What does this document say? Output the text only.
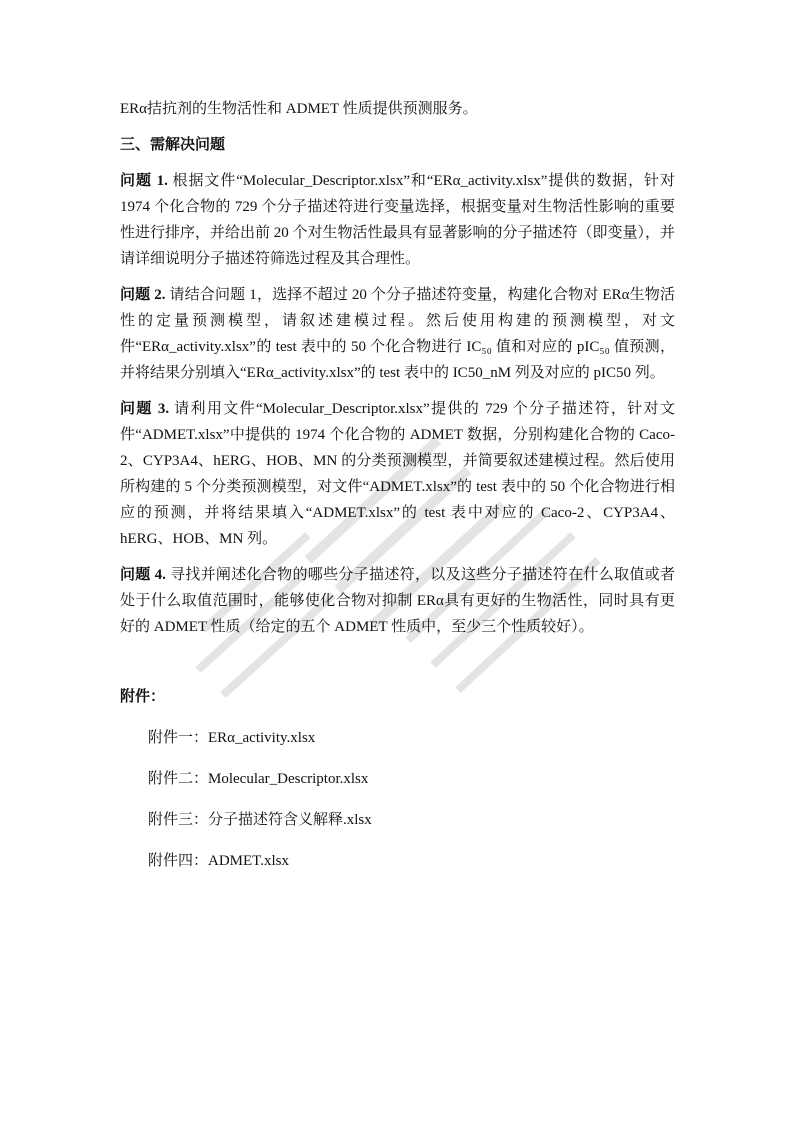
ERα拮抗剂的生物活性和 ADMET 性质提供预测服务。

三、需解决问题

问题 1. 根据文件“Molecular_Descriptor.xlsx”和“ERα_activity.xlsx”提供的数据，针对 1974 个化合物的 729 个分子描述符进行变量选择，根据变量对生物活性影响的重要性进行排序，并给出前 20 个对生物活性最具有显著影响的分子描述符（即变量），并请详细说明分子描述符筛选过程及其合理性。

问题 2. 请结合问题 1，选择不超过 20 个分子描述符变量，构建化合物对 ERα生物活性的定量预测模型，请叙述建模过程。然后使用构建的预测模型，对文件“ERα_activity.xlsx”的 test 表中的 50 个化合物进行 IC₅₀ 值和对应的 pIC₅₀ 值预测，并将结果分别填入“ERα_activity.xlsx”的 test 表中的 IC50_nM 列及对应的 pIC50 列。

问题 3. 请利用文件“Molecular_Descriptor.xlsx”提供的 729 个分子描述符，针对文件“ADMET.xlsx”中提供的 1974 个化合物的 ADMET 数据，分别构建化合物的 Caco-2、CYP3A4、hERG、HOB、MN 的分类预测模型，并简要叙述建模过程。然后使用所构建的 5 个分类预测模型，对文件“ADMET.xlsx”的 test 表中的 50 个化合物进行相应的预测，并将结果填入“ADMET.xlsx”的 test 表中对应的 Caco-2、CYP3A4、hERG、HOB、MN 列。

问题 4. 寻找并阐述化合物的哪些分子描述符，以及这些分子描述符在什么取值或者处于什么取值范围时，能够使化合物对抑制 ERα具有更好的生物活性，同时具有更好的 ADMET 性质（给定的五个 ADMET 性质中，至少三个性质较好）。

附件：

附件一：ERα_activity.xlsx

附件二：Molecular_Descriptor.xlsx

附件三：分子描述符含义解释.xlsx

附件四：ADMET.xlsx
